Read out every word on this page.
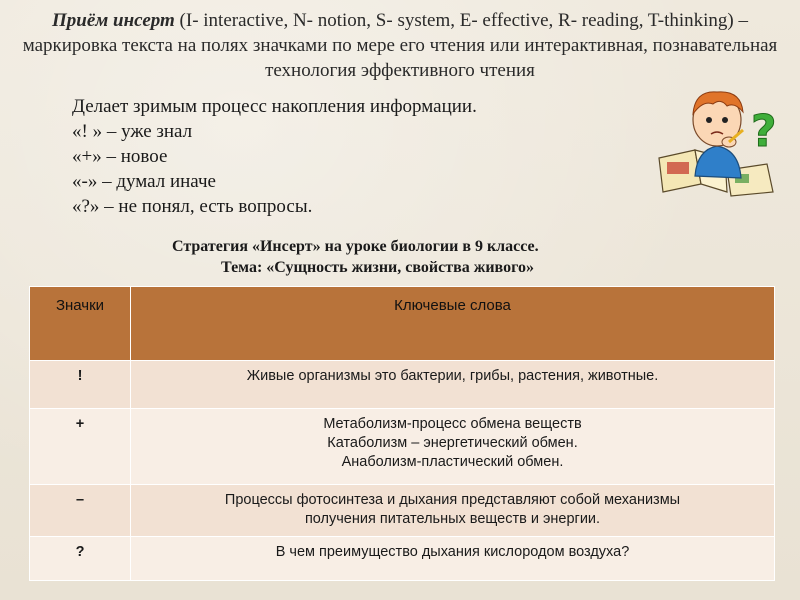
Приём инсерт (I- interactive, N- notion, S- system, E- effective, R- reading, T-thinking) – маркировка текста на полях значками по мере его чтения или интерактивная, познавательная технология эффективного чтения
Делает зримым процесс накопления информации.
«! » – уже знал
«+» – новое
«-» – думал иначе
«?» – не понял, есть вопросы.
?
Стратегия «Инсерт» на уроке биологии в 9 классе.
Тема: «Сущность жизни, свойства живого»
Значки	Ключевые слова
!	Живые организмы это бактерии, грибы, растения, животные.

+	Метаболизм-процесс обмена веществ
Катаболизм – энергетический обмен.
Анаболизм-пластический обмен.

–	Процессы фотосинтеза и дыхания представляют собой механизмы
получения питательных веществ и энергии.

?	В чем преимущество дыхания кислородом воздуха?
